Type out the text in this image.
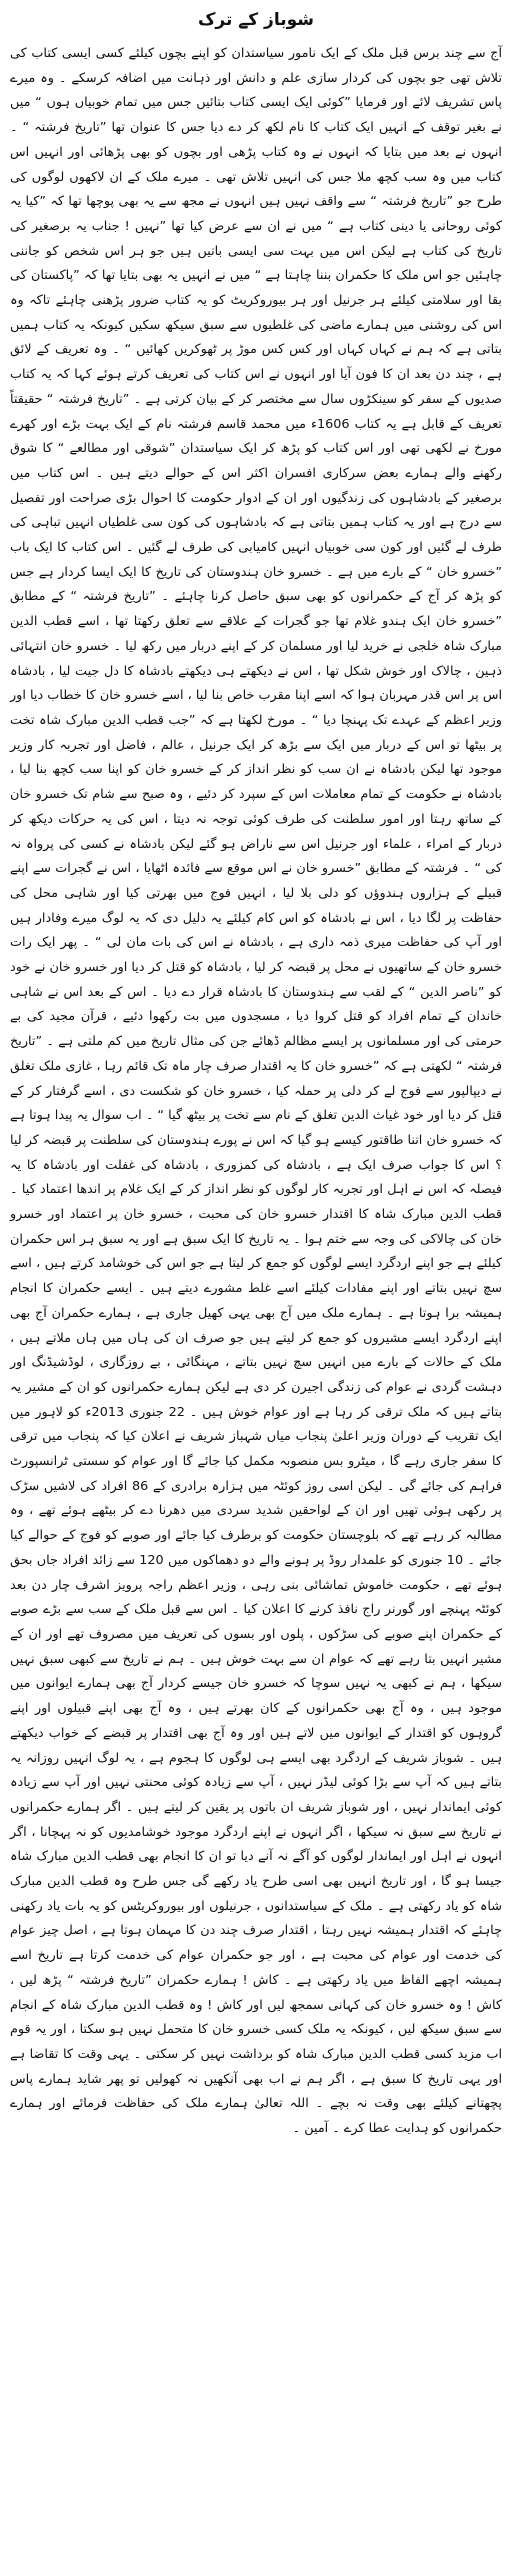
شوباز کے ترک

آج سے چند برس قبل ملک کے ایک نامور سیاستدان کو اپنے بچوں کیلئے کسی ایسی کتاب کی تلاش تھی جو بچوں کی کردار سازی علم و دانش اور ذہانت میں اضافہ کرسکے ۔ وہ میرے پاس تشریف لائے اور فرمایا ”کوئی ایک ایسی کتاب بتائیں جس میں تمام خوبیاں ہوں “ میں نے بغیر توقف کے انہیں ایک کتاب کا نام لکھ کر دے دیا جس کا عنوان تھا ”تاریخ فرشتہ “ ۔ انہوں نے بعد میں بتایا کہ انہوں نے وہ کتاب پڑھی اور بچوں کو بھی پڑھائی اور انہیں اس کتاب میں وہ سب کچھ ملا جس کی انہیں تلاش تھی ۔ میرے ملک کے ان لاکھوں لوگوں کی طرح جو ”تاریخ فرشتہ “ سے واقف نہیں ہیں انہوں نے مجھ سے یہ بھی پوچھا تھا کہ ”کیا یہ کوئی روحانی یا دینی کتاب ہے “ میں نے ان سے عرض کیا تھا ”نہیں ! جناب یہ برصغیر کی تاریخ کی کتاب ہے لیکن اس میں بہت سی ایسی باتیں ہیں جو ہر اس شخص کو جاننی چاہئیں جو اس ملک کا حکمران بننا چاہتا ہے “ میں نے انہیں یہ بھی بتایا تھا کہ ”پاکستان کی بقا اور سلامتی کیلئے ہر جرنیل اور ہر بیوروکریٹ کو یہ کتاب ضرور پڑھنی چاہئے تاکہ وہ اس کی روشنی میں ہمارے ماضی کی غلطیوں سے سبق سیکھ سکیں کیونکہ یہ کتاب ہمیں بتاتی ہے کہ ہم نے کہاں کہاں اور کس کس موڑ پر ٹھوکریں کھائیں “ ۔ وہ تعریف کے لائق ہے ، چند دن بعد ان کا فون آیا اور انہوں نے اس کتاب کی تعریف کرتے ہوئے کہا کہ یہ کتاب صدیوں کے سفر کو سینکڑوں سال سے مختصر کر کے بیان کرتی ہے ۔ ”تاریخ فرشتہ “ حقیقتاً تعریف کے قابل ہے یہ کتاب 1606ء میں محمد قاسم فرشتہ نام کے ایک بہت بڑے اور کھرے مورخ نے لکھی تھی اور اس کتاب کو پڑھ کر ایک سیاستدان ”شوقی اور مطالعے “ کا شوق رکھنے والے ہمارے بعض سرکاری افسران اکثر اس کے حوالے دیتے ہیں ۔ اس کتاب میں برصغیر کے بادشاہوں کی زندگیوں اور ان کے ادوار حکومت کا احوال بڑی صراحت اور تفصیل سے درج ہے اور یہ کتاب ہمیں بتاتی ہے کہ بادشاہوں کی کون سی غلطیاں انہیں تباہی کی طرف لے گئیں اور کون سی خوبیاں انہیں کامیابی کی طرف لے گئیں ۔ اس کتاب کا ایک باب ”خسرو خان “ کے بارے میں ہے ۔ خسرو خان ہندوستان کی تاریخ کا ایک ایسا کردار ہے جس کو پڑھ کر آج کے حکمرانوں کو بھی سبق حاصل کرنا چاہئے ۔ ”تاریخ فرشتہ “ کے مطابق ”خسرو خان ایک ہندو غلام تھا جو گجرات کے علاقے سے تعلق رکھتا تھا ، اسے قطب الدین مبارک شاہ خلجی نے خرید لیا اور مسلمان کر کے اپنے دربار میں رکھ لیا ۔ خسرو خان انتہائی ذہین ، چالاک اور خوش شکل تھا ، اس نے دیکھتے ہی دیکھتے بادشاہ کا دل جیت لیا ، بادشاہ اس پر اس قدر مہربان ہوا کہ اسے اپنا مقرب خاص بنا لیا ، اسے خسرو خان کا خطاب دیا اور وزیر اعظم کے عہدے تک پہنچا دیا “ ۔ مورخ لکھتا ہے کہ ”جب قطب الدین مبارک شاہ تخت پر بیٹھا تو اس کے دربار میں ایک سے بڑھ کر ایک جرنیل ، عالم ، فاضل اور تجربہ کار وزیر موجود تھا لیکن بادشاہ نے ان سب کو نظر انداز کر کے خسرو خان کو اپنا سب کچھ بنا لیا ، بادشاہ نے حکومت کے تمام معاملات اس کے سپرد کر دئیے ، وہ صبح سے شام تک خسرو خان کے ساتھ رہتا اور امور سلطنت کی طرف کوئی توجہ نہ دیتا ، اس کی یہ حرکات دیکھ کر دربار کے امراء ، علماء اور جرنیل اس سے ناراض ہو گئے لیکن بادشاہ نے کسی کی پرواہ نہ کی “ ۔ فرشتہ کے مطابق ”خسرو خان نے اس موقع سے فائدہ اٹھایا ، اس نے گجرات سے اپنے قبیلے کے ہزاروں ہندوؤں کو دلی بلا لیا ، انہیں فوج میں بھرتی کیا اور شاہی محل کی حفاظت پر لگا دیا ، اس نے بادشاہ کو اس کام کیلئے یہ دلیل دی کہ یہ لوگ میرے وفادار ہیں اور آپ کی حفاظت میری ذمہ داری ہے ، بادشاہ نے اس کی بات مان لی “ ۔ پھر ایک رات خسرو خان کے ساتھیوں نے محل پر قبضہ کر لیا ، بادشاہ کو قتل کر دیا اور خسرو خان نے خود کو ”ناصر الدین “ کے لقب سے ہندوستان کا بادشاہ قرار دے دیا ۔ اس کے بعد اس نے شاہی خاندان کے تمام افراد کو قتل کروا دیا ، مسجدوں میں بت رکھوا دئیے ، قرآن مجید کی بے حرمتی کی اور مسلمانوں پر ایسے مظالم ڈھائے جن کی مثال تاریخ میں کم ملتی ہے ۔ ”تاریخ فرشتہ “ لکھتی ہے کہ ”خسرو خان کا یہ اقتدار صرف چار ماہ تک قائم رہا ، غازی ملک تغلق نے دیپالپور سے فوج لے کر دلی پر حملہ کیا ، خسرو خان کو شکست دی ، اسے گرفتار کر کے قتل کر دیا اور خود غیاث الدین تغلق کے نام سے تخت پر بیٹھ گیا “ ۔ اب سوال یہ پیدا ہوتا ہے کہ خسرو خان اتنا طاقتور کیسے ہو گیا کہ اس نے پورے ہندوستان کی سلطنت پر قبضہ کر لیا ؟ اس کا جواب صرف ایک ہے ، بادشاہ کی کمزوری ، بادشاہ کی غفلت اور بادشاہ کا یہ فیصلہ کہ اس نے اہل اور تجربہ کار لوگوں کو نظر انداز کر کے ایک غلام پر اندھا اعتماد کیا ۔ قطب الدین مبارک شاہ کا اقتدار خسرو خان کی محبت ، خسرو خان پر اعتماد اور خسرو خان کی چالاکی کی وجہ سے ختم ہوا ۔ یہ تاریخ کا ایک سبق ہے اور یہ سبق ہر اس حکمران کیلئے ہے جو اپنے اردگرد ایسے لوگوں کو جمع کر لیتا ہے جو اس کی خوشامد کرتے ہیں ، اسے سچ نہیں بتاتے اور اپنے مفادات کیلئے اسے غلط مشورے دیتے ہیں ۔ ایسے حکمران کا انجام ہمیشہ برا ہوتا ہے ۔ ہمارے ملک میں آج بھی یہی کھیل جاری ہے ، ہمارے حکمران آج بھی اپنے اردگرد ایسے مشیروں کو جمع کر لیتے ہیں جو صرف ان کی ہاں میں ہاں ملاتے ہیں ، ملک کے حالات کے بارے میں انہیں سچ نہیں بتاتے ، مہنگائی ، بے روزگاری ، لوڈشیڈنگ اور دہشت گردی نے عوام کی زندگی اجیرن کر دی ہے لیکن ہمارے حکمرانوں کو ان کے مشیر یہ بتاتے ہیں کہ ملک ترقی کر رہا ہے اور عوام خوش ہیں ۔ 22 جنوری 2013ء کو لاہور میں ایک تقریب کے دوران وزیر اعلیٰ پنجاب میاں شہباز شریف نے اعلان کیا کہ پنجاب میں ترقی کا سفر جاری رہے گا ، میٹرو بس منصوبہ مکمل کیا جائے گا اور عوام کو سستی ٹرانسپورٹ فراہم کی جائے گی ۔ لیکن اسی روز کوئٹہ میں ہزارہ برادری کے 86 افراد کی لاشیں سڑک پر رکھی ہوئی تھیں اور ان کے لواحقین شدید سردی میں دھرنا دے کر بیٹھے ہوئے تھے ، وہ مطالبہ کر رہے تھے کہ بلوچستان حکومت کو برطرف کیا جائے اور صوبے کو فوج کے حوالے کیا جائے ۔ 10 جنوری کو علمدار روڈ پر ہونے والے دو دھماکوں میں 120 سے زائد افراد جاں بحق ہوئے تھے ، حکومت خاموش تماشائی بنی رہی ، وزیر اعظم راجہ پرویز اشرف چار دن بعد کوئٹہ پہنچے اور گورنر راج نافذ کرنے کا اعلان کیا ۔ اس سے قبل ملک کے سب سے بڑے صوبے کے حکمران اپنے صوبے کی سڑکوں ، پلوں اور بسوں کی تعریف میں مصروف تھے اور ان کے مشیر انہیں بتا رہے تھے کہ عوام ان سے بہت خوش ہیں ۔ ہم نے تاریخ سے کبھی سبق نہیں سیکھا ، ہم نے کبھی یہ نہیں سوچا کہ خسرو خان جیسے کردار آج بھی ہمارے ایوانوں میں موجود ہیں ، وہ آج بھی حکمرانوں کے کان بھرتے ہیں ، وہ آج بھی اپنے قبیلوں اور اپنے گروہوں کو اقتدار کے ایوانوں میں لاتے ہیں اور وہ آج بھی اقتدار پر قبضے کے خواب دیکھتے ہیں ۔ شوباز شریف کے اردگرد بھی ایسے ہی لوگوں کا ہجوم ہے ، یہ لوگ انہیں روزانہ یہ بتاتے ہیں کہ آپ سے بڑا کوئی لیڈر نہیں ، آپ سے زیادہ کوئی محنتی نہیں اور آپ سے زیادہ کوئی ایماندار نہیں ، اور شوباز شریف ان باتوں پر یقین کر لیتے ہیں ۔ اگر ہمارے حکمرانوں نے تاریخ سے سبق نہ سیکھا ، اگر انہوں نے اپنے اردگرد موجود خوشامدیوں کو نہ پہچانا ، اگر انہوں نے اہل اور ایماندار لوگوں کو آگے نہ آنے دیا تو ان کا انجام بھی قطب الدین مبارک شاہ جیسا ہو گا ، اور تاریخ انہیں بھی اسی طرح یاد رکھے گی جس طرح وہ قطب الدین مبارک شاہ کو یاد رکھتی ہے ۔ ملک کے سیاستدانوں ، جرنیلوں اور بیوروکریٹس کو یہ بات یاد رکھنی چاہئے کہ اقتدار ہمیشہ نہیں رہتا ، اقتدار صرف چند دن کا مہمان ہوتا ہے ، اصل چیز عوام کی خدمت اور عوام کی محبت ہے ، اور جو حکمران عوام کی خدمت کرتا ہے تاریخ اسے ہمیشہ اچھے الفاظ میں یاد رکھتی ہے ۔ کاش ! ہمارے حکمران ”تاریخ فرشتہ “ پڑھ لیں ، کاش ! وہ خسرو خان کی کہانی سمجھ لیں اور کاش ! وہ قطب الدین مبارک شاہ کے انجام سے سبق سیکھ لیں ، کیونکہ یہ ملک کسی خسرو خان کا متحمل نہیں ہو سکتا ، اور یہ قوم اب مزید کسی قطب الدین مبارک شاہ کو برداشت نہیں کر سکتی ۔ یہی وقت کا تقاضا ہے اور یہی تاریخ کا سبق ہے ، اگر ہم نے اب بھی آنکھیں نہ کھولیں تو پھر شاید ہمارے پاس پچھتانے کیلئے بھی وقت نہ بچے ۔ اللہ تعالیٰ ہمارے ملک کی حفاظت فرمائے اور ہمارے حکمرانوں کو ہدایت عطا کرے ۔ آمین ۔
